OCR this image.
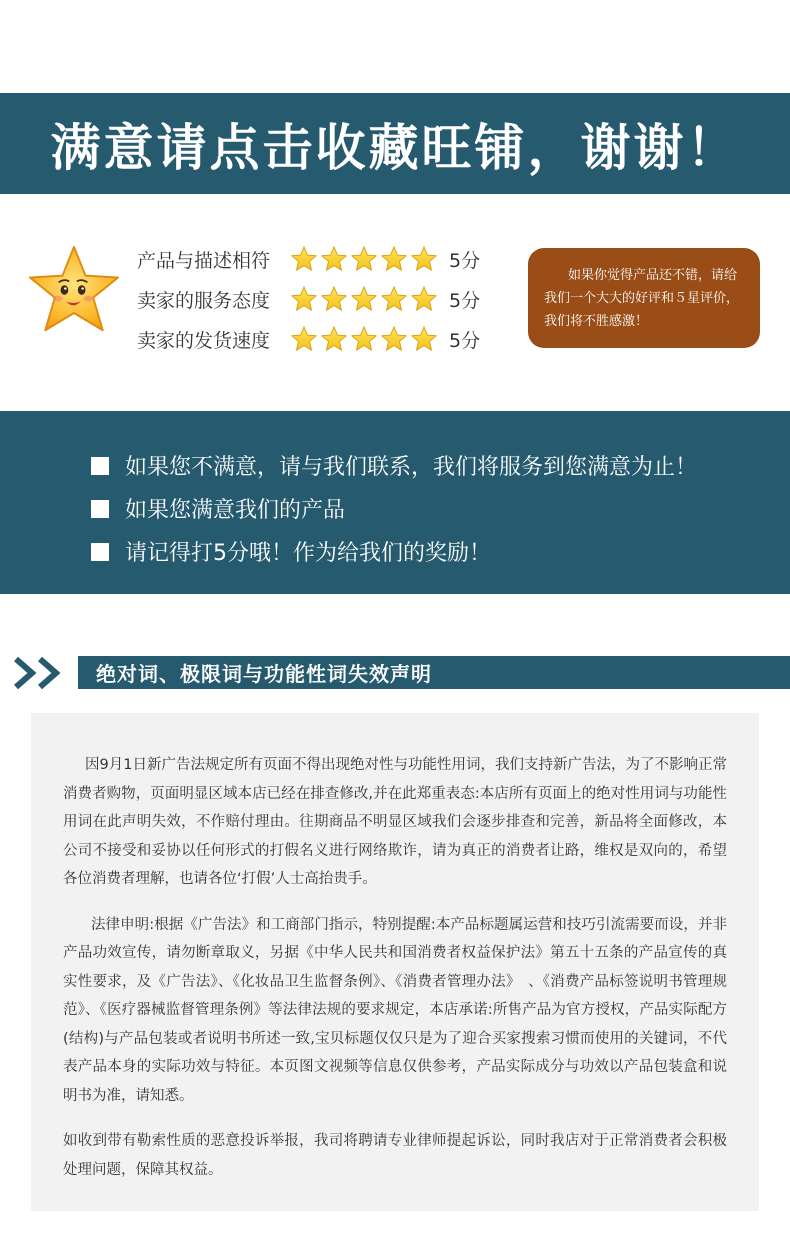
满意请点击收藏旺铺，谢谢！
产品与描述相符	5分
卖家的服务态度	5分
卖家的发货速度	5分
如果你觉得产品还不错，请给我们一个大大的好评和５星评价，我们将不胜感激！
如果您不满意，请与我们联系，我们将服务到您满意为止！
如果您满意我们的产品
请记得打5分哦！作为给我们的奖励！
绝对词、极限词与功能性词失效声明

因9月1日新广告法规定所有页面不得出现绝对性与功能性用词，我们支持新广告法，为了不影响正常消费者购物，页面明显区域本店已经在排查修改,并在此郑重表态:本店所有页面上的绝对性用词与功能性用词在此声明失效，不作赔付理由。往期商品不明显区域我们会逐步排查和完善，新品将全面修改，本公司不接受和妥协以任何形式的打假名义进行网络欺诈，请为真正的消费者让路，维权是双向的，希望各位消费者理解，也请各位‘打假’人士高抬贵手。

法律申明:根据《广告法》和工商部门指示，特别提醒:本产品标题属运营和技巧引流需要而设，并非产品功效宣传，请勿断章取义，另据《中华人民共和国消费者权益保护法》第五十五条的产品宣传的真实性要求，及《广告法》、《化妆品卫生监督条例》、《消费者管理办法》　、《消费产品标签说明书管理规范》、《医疗器械监督管理条例》等法律法规的要求规定，本店承诺:所售产品为官方授权，产品实际配方(结构)与产品包装或者说明书所述一致,宝贝标题仅仅只是为了迎合买家搜索习惯而使用的关键词，不代表产品本身的实际功效与特征。本页图文视频等信息仅供参考，产品实际成分与功效以产品包装盒和说明书为准，请知悉。

如收到带有勒索性质的恶意投诉举报，我司将聘请专业律师提起诉讼，同时我店对于正常消费者会积极处理问题，保障其权益。
